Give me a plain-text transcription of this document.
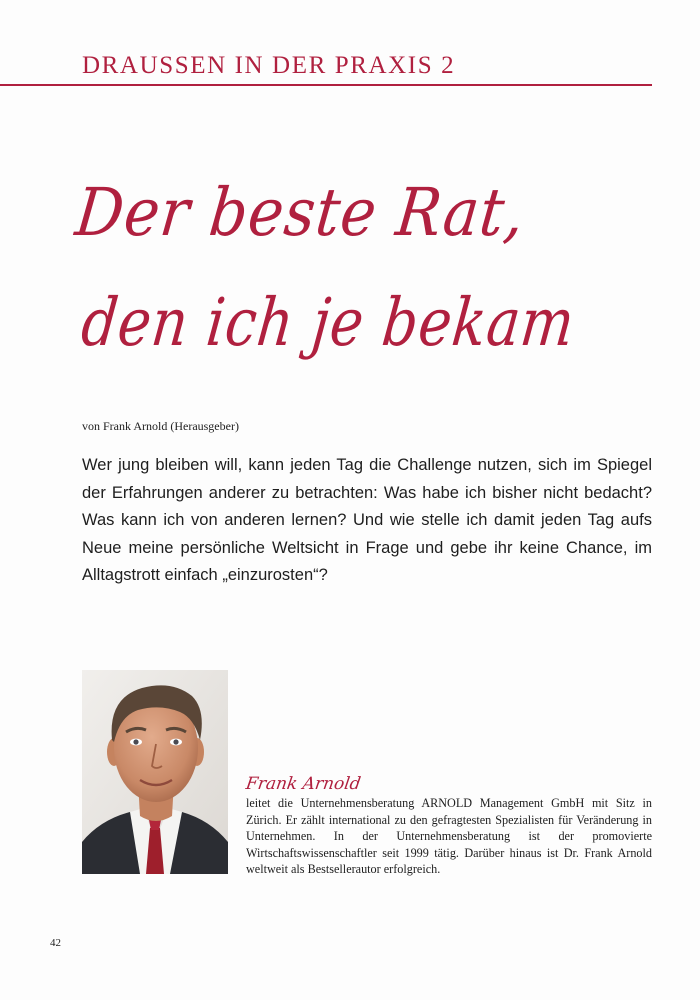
DRAUSSEN IN DER PRAXIS 2
Der beste Rat,
den ich je bekam
von Frank Arnold (Herausgeber)

Wer jung bleiben will, kann jeden Tag die Challenge nutzen, sich im Spiegel der Erfahrungen anderer zu betrachten: Was habe ich bisher nicht bedacht? Was kann ich von anderen lernen? Und wie stelle ich damit jeden Tag aufs Neue meine persönliche Weltsicht in Frage und gebe ihr keine Chance, im Alltagstrott einfach „einzurosten“?

Frank Arnold

leitet die Unternehmensberatung ARNOLD Management GmbH mit Sitz in Zürich. Er zählt international zu den gefragtesten Spezialisten für Veränderung in Unternehmen. In der Unternehmensberatung ist der promovierte Wirtschaftswissenschaftler seit 1999 tätig. Darüber hinaus ist Dr. Frank Arnold weltweit als Bestsellerautor erfolgreich.

42
